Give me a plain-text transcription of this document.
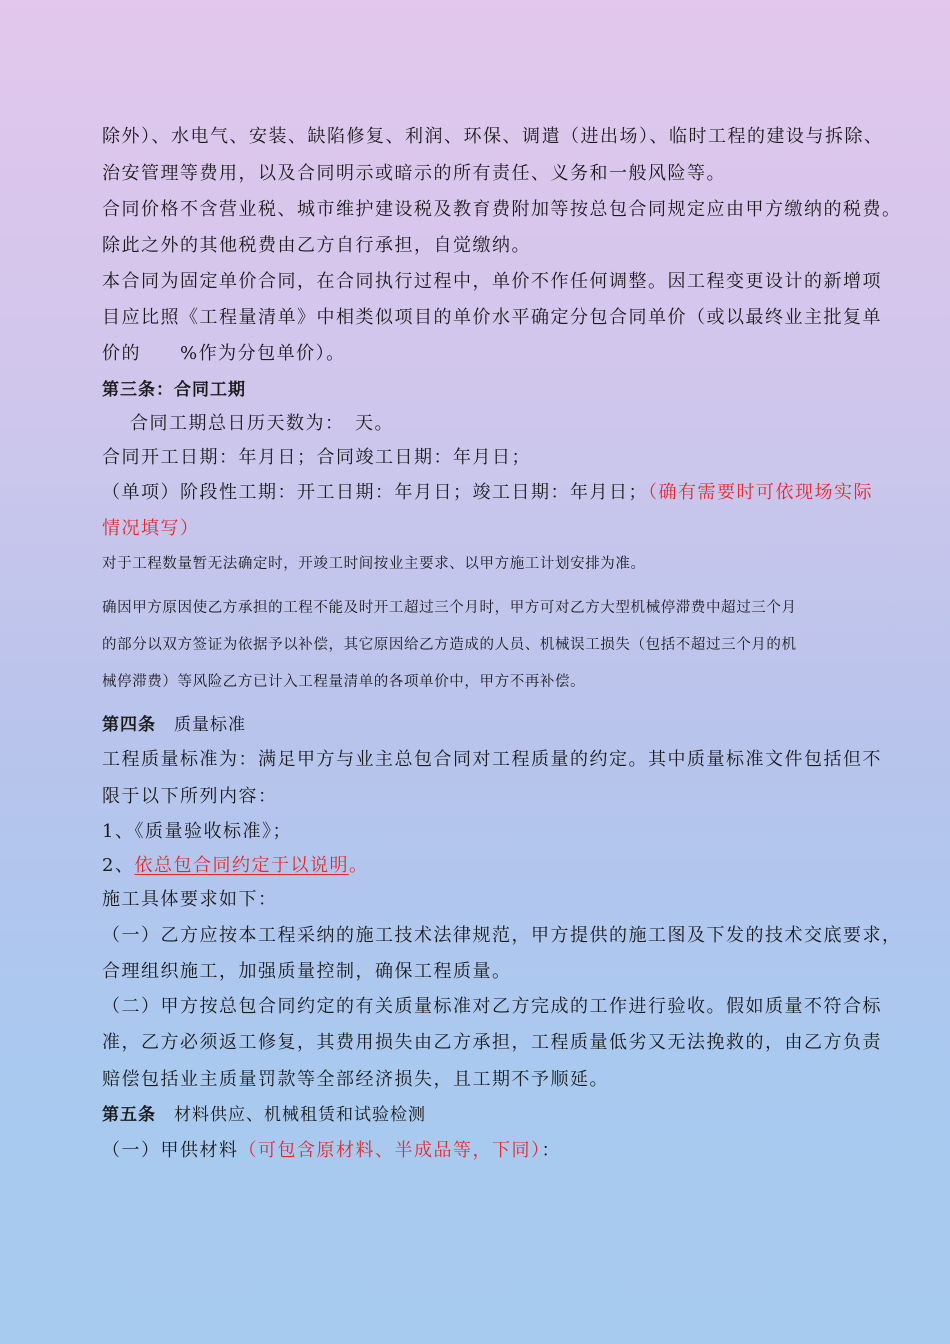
除外）、水电气、安装、缺陷修复、利润、环保、调遣（进出场）、临时工程的建设与拆除、
治安管理等费用，以及合同明示或暗示的所有责任、义务和一般风险等。
合同价格不含营业税、城市维护建设税及教育费附加等按总包合同规定应由甲方缴纳的税费。
除此之外的其他税费由乙方自行承担，自觉缴纳。
本合同为固定单价合同，在合同执行过程中，单价不作任何调整。因工程变更设计的新增项
目应比照《工程量清单》中相类似项目的单价水平确定分包合同单价（或以最终业主批复单
价的　　%作为分包单价）。
第三条：合同工期
合同工期总日历天数为：　天。
合同开工日期：年月日；合同竣工日期：年月日；
（单项）阶段性工期：开工日期：年月日；竣工日期：年月日；（确有需要时可依现场实际
情况填写）
对于工程数量暂无法确定时，开竣工时间按业主要求、以甲方施工计划安排为准。
确因甲方原因使乙方承担的工程不能及时开工超过三个月时，甲方可对乙方大型机械停滞费中超过三个月
的部分以双方签证为依据予以补偿，其它原因给乙方造成的人员、机械误工损失（包括不超过三个月的机
械停滞费）等风险乙方已计入工程量清单的各项单价中，甲方不再补偿。
第四条　质量标准
工程质量标准为：满足甲方与业主总包合同对工程质量的约定。其中质量标准文件包括但不
限于以下所列内容：
1、《质量验收标准》；
2、依总包合同约定于以说明。
施工具体要求如下：
（一）乙方应按本工程采纳的施工技术法律规范，甲方提供的施工图及下发的技术交底要求，
合理组织施工，加强质量控制，确保工程质量。
（二）甲方按总包合同约定的有关质量标准对乙方完成的工作进行验收。假如质量不符合标
准，乙方必须返工修复，其费用损失由乙方承担，工程质量低劣又无法挽救的，由乙方负责
赔偿包括业主质量罚款等全部经济损失，且工期不予顺延。
第五条　材料供应、机械租赁和试验检测
（一）甲供材料（可包含原材料、半成品等，下同）：
